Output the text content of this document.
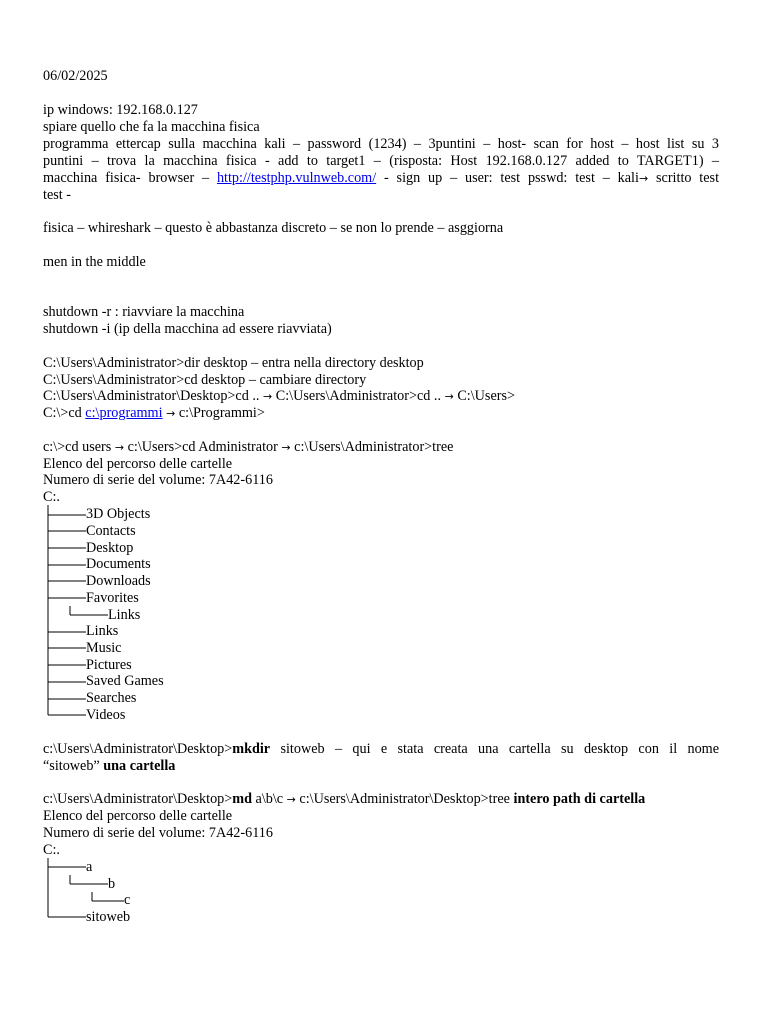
06/02/2025
ip windows: 192.168.0.127
spiare quello che fa la macchina fisica
programma ettercap sulla macchina kali – password (1234) – 3puntini – host- scan for host – host list su 3
puntini – trova la macchina fisica - add to target1 – (risposta: Host 192.168.0.127 added to TARGET1) –
macchina fisica- browser – http://testphp.vulnweb.com/ - sign up – user: test psswd: test – kali→ scritto test
test -
fisica – whireshark – questo è abbastanza discreto – se non lo prende – asggiorna
men in the middle
shutdown -r : riavviare la macchina
shutdown -i (ip della macchina ad essere riavviata)
C:\Users\Administrator>dir desktop – entra nella directory desktop
C:\Users\Administrator>cd desktop – cambiare directory
C:\Users\Administrator\Desktop>cd .. → C:\Users\Administrator>cd .. → C:\Users>
C:\>cd c:\programmi → c:\Programmi>
c:\>cd users → c:\Users>cd Administrator → c:\Users\Administrator>tree
Elenco del percorso delle cartelle
Numero di serie del volume: 7A42-6116
C:.
3D Objects
Contacts
Desktop
Documents
Downloads
Favorites
Links
Links
Music
Pictures
Saved Games
Searches
Videos
c:\Users\Administrator\Desktop>mkdir sitoweb – qui e stata creata una cartella su desktop con il nome
“sitoweb” una cartella
c:\Users\Administrator\Desktop>md a\b\c → c:\Users\Administrator\Desktop>tree intero path di cartella
Elenco del percorso delle cartelle
Numero di serie del volume: 7A42-6116
C:.
a
b
c
sitoweb
